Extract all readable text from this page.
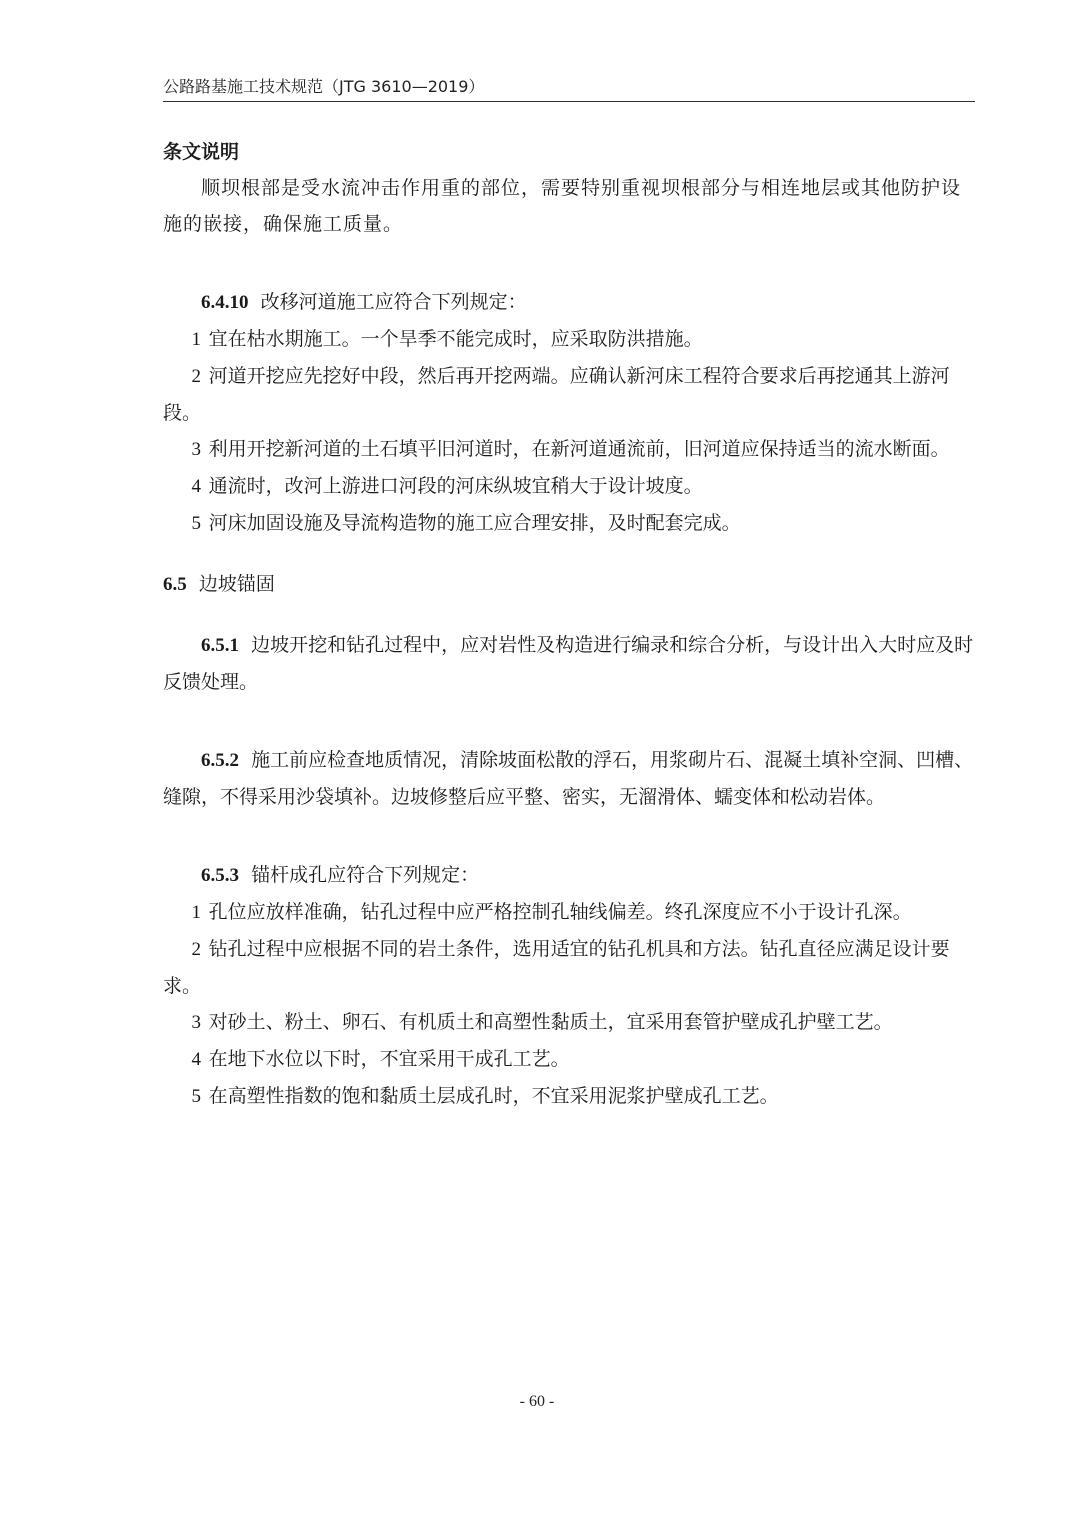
公路路基施工技术规范（JTG 3610—2019）

条文说明

顺坝根部是受水流冲击作用重的部位，需要特别重视坝根部分与相连地层或其他防护设施的嵌接，确保施工质量。

6.4.10 改移河道施工应符合下列规定：

1 宜在枯水期施工。一个旱季不能完成时，应采取防洪措施。

2 河道开挖应先挖好中段，然后再开挖两端。应确认新河床工程符合要求后再挖通其上游河段。

3 利用开挖新河道的土石填平旧河道时，在新河道通流前，旧河道应保持适当的流水断面。

4 通流时，改河上游进口河段的河床纵坡宜稍大于设计坡度。

5 河床加固设施及导流构造物的施工应合理安排，及时配套完成。

6.5 边坡锚固

6.5.1 边坡开挖和钻孔过程中，应对岩性及构造进行编录和综合分析，与设计出入大时应及时反馈处理。

6.5.2 施工前应检查地质情况，清除坡面松散的浮石，用浆砌片石、混凝土填补空洞、凹槽、缝隙，不得采用沙袋填补。边坡修整后应平整、密实，无溜滑体、蠕变体和松动岩体。

6.5.3 锚杆成孔应符合下列规定：

1 孔位应放样准确，钻孔过程中应严格控制孔轴线偏差。终孔深度应不小于设计孔深。

2 钻孔过程中应根据不同的岩土条件，选用适宜的钻孔机具和方法。钻孔直径应满足设计要求。

3 对砂土、粉土、卵石、有机质土和高塑性黏质土，宜采用套管护壁成孔护壁工艺。

4 在地下水位以下时，不宜采用干成孔工艺。

5 在高塑性指数的饱和黏质土层成孔时，不宜采用泥浆护壁成孔工艺。

- 60 -
